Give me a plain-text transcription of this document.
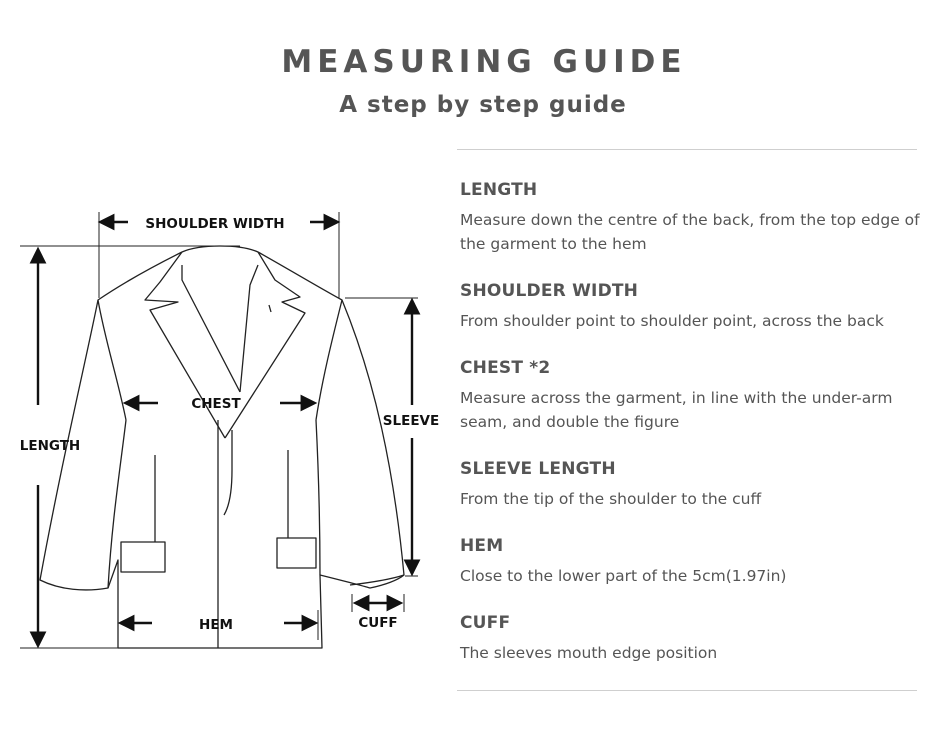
MEASURING GUIDE
A step by step guide
SHOULDER WIDTH
LENGTH
CHEST
SLEEVE
HEM	CUFF
LENGTH
Measure down the centre of the back, from the top edge of the garment to the hem
SHOULDER WIDTH
From shoulder point to shoulder point, across the back
CHEST *2
Measure across the garment, in line with the under-arm seam, and double the figure
SLEEVE LENGTH
From the tip of the shoulder to the cuff
HEM
Close to the lower part of the 5cm(1.97in)
CUFF
The sleeves mouth edge position
